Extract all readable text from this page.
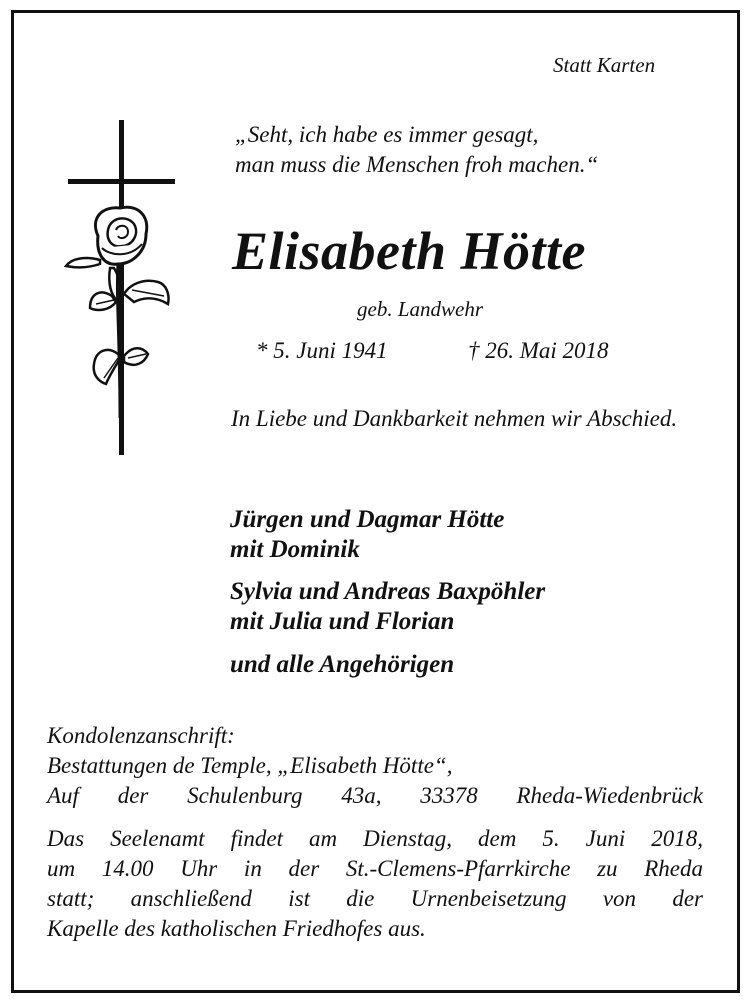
Statt Karten
„Seht, ich habe es immer gesagt,
man muss die Menschen froh machen.“
Elisabeth Hötte
geb. Landwehr
* 5. Juni 1941	† 26. Mai 2018
In Liebe und Dankbarkeit nehmen wir Abschied.
Jürgen und Dagmar Hötte
mit Dominik
Sylvia und Andreas Baxpöhler
mit Julia und Florian
und alle Angehörigen
Kondolenzanschrift:
Bestattungen de Temple, „Elisabeth Hötte“,
Auf der Schulenburg 43a, 33378 Rheda-Wiedenbrück
Das Seelenamt findet am Dienstag, dem 5. Juni 2018,
um 14.00 Uhr in der St.-Clemens-Pfarrkirche zu Rheda
statt; anschließend ist die Urnenbeisetzung von der
Kapelle des katholischen Friedhofes aus.
